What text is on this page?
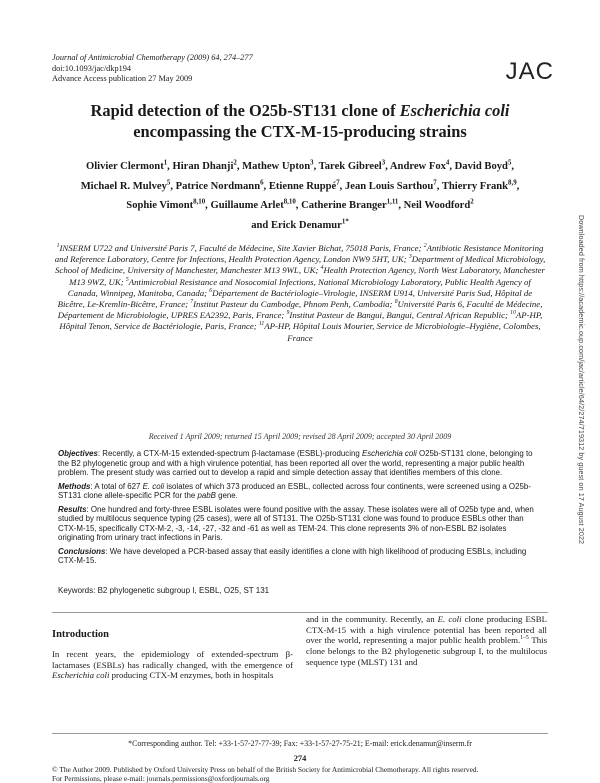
Journal of Antimicrobial Chemotherapy (2009) 64, 274–277
doi:10.1093/jac/dkp194
Advance Access publication 27 May 2009	JAC
Rapid detection of the O25b-ST131 clone of Escherichia coli
encompassing the CTX-M-15-producing strains
Olivier Clermont$^1$, Hiran Dhanji$^2$, Mathew Upton$^3$, Tarek Gibreel$^3$, Andrew Fox$^4$, David Boyd$^5$,
Michael R. Mulvey$^5$, Patrice Nordmann$^6$, Etienne Ruppé$^7$, Jean Louis Sarthou$^7$, Thierry Frank$^{8,9}$,
Sophie Vimont$^{8,10}$, Guillaume Arlet$^{8,10}$, Catherine Branger$^{1,11}$, Neil Woodford$^2$
and Erick Denamur$^{1*}$
$^1$INSERM U722 and Université Paris 7, Faculté de Médecine, Site Xavier Bichat, 75018 Paris, France; $^2$Antibiotic Resistance Monitoring and Reference Laboratory, Centre for Infections, Health Protection Agency, London NW9 5HT, UK; $^3$Department of Medical Microbiology, School of Medicine, University of Manchester, Manchester M13 9WL, UK; $^4$Health Protection Agency, North West Laboratory, Manchester M13 9WZ, UK; $^5$Antimicrobial Resistance and Nosocomial Infections, National Microbiology Laboratory, Public Health Agency of Canada, Winnipeg, Manitoba, Canada; $^6$Département de Bactériologie–Virologie, INSERM U914, Université Paris Sud, Hôpital de Bicêtre, Le-Kremlin-Bicêtre, France; $^7$Institut Pasteur du Cambodge, Phnom Penh, Cambodia; $^8$Université Paris 6, Faculté de Médecine, Département de Microbiologie, UPRES EA2392, Paris, France; $^9$Institut Pasteur de Bangui, Bangui, Central African Republic; $^{10}$AP-HP, Hôpital Tenon, Service de Bactériologie, Paris, France; $^{11}$AP-HP, Hôpital Louis Mourier, Service de Microbiologie–Hygiène, Colombes, France
Received 1 April 2009; returned 15 April 2009; revised 28 April 2009; accepted 30 April 2009

Objectives: Recently, a CTX-M-15 extended-spectrum β-lactamase (ESBL)-producing Escherichia coli O25b-ST131 clone, belonging to the B2 phylogenetic group and with a high virulence potential, has been reported all over the world, representing a major public health problem. The present study was carried out to develop a rapid and simple detection assay that identifies members of this clone.

Methods: A total of 627 E. coli isolates of which 373 produced an ESBL, collected across four continents, were screened using a O25b-ST131 clone allele-specific PCR for the pabB gene.

Results: One hundred and forty-three ESBL isolates were found positive with the assay. These isolates were all of O25b type and, when studied by multilocus sequence typing (25 cases), were all of ST131. The O25b-ST131 clone was found to produce ESBLs other than CTX-M-15, specifically CTX-M-2, -3, -14, -27, -32 and -61 as well as TEM-24. This clone represents 3% of non-ESBL B2 isolates originating from urinary tract infections in Paris.

Conclusions: We have developed a PCR-based assay that easily identifies a clone with high likelihood of producing ESBLs, including CTX-M-15.

Keywords: B2 phylogenetic subgroup I, ESBL, O25, ST 131
Introduction
In recent years, the epidemiology of extended-spectrum β-lactamases (ESBLs) has radically changed, with the emergence of Escherichia coli producing CTX-M enzymes, both in hospitals
and in the community. Recently, an E. coli clone producing ESBL CTX-M-15 with a high virulence potential has been reported all over the world, representing a major public health problem.$^{1-5}$ This clone belongs to the B2 phylogenetic subgroup I, to the multilocus sequence type (MLST) 131 and
*Corresponding author. Tel: +33-1-57-27-77-39; Fax: +33-1-57-27-75-21; E-mail: erick.denamur@inserm.fr
274
© The Author 2009. Published by Oxford University Press on behalf of the British Society for Antimicrobial Chemotherapy. All rights reserved.
For Permissions, please e-mail: journals.permissions@oxfordjournals.org
Downloaded from https://academic.oup.com/jac/article/64/2/274/719312 by guest on 17 August 2022
